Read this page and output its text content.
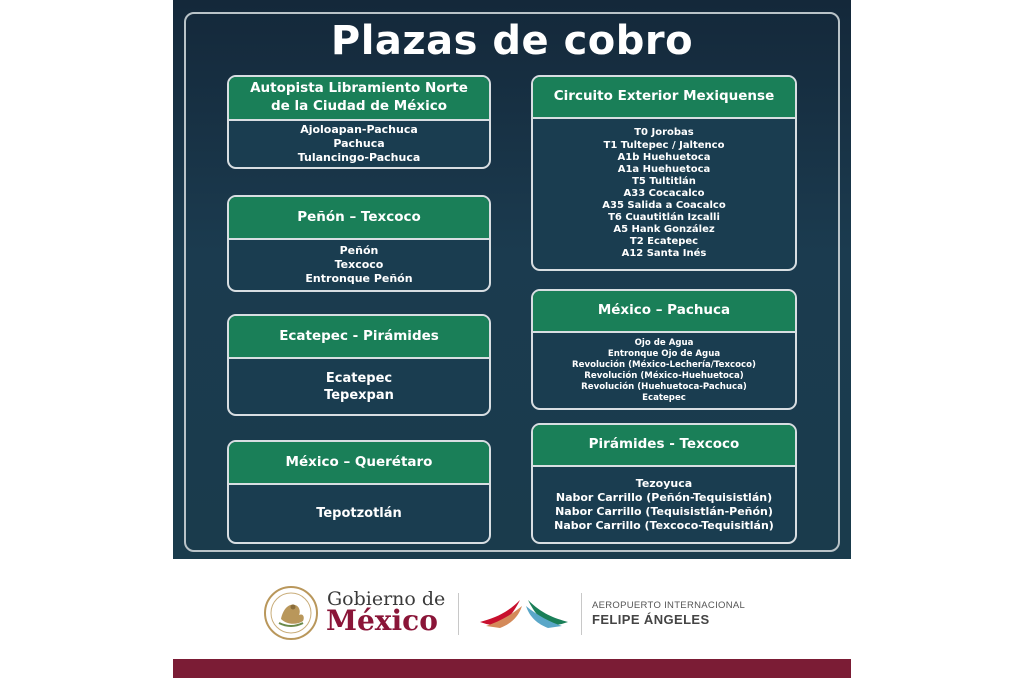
Plazas de cobro
Autopista Libramiento Norte
de la Ciudad de México
Ajoloapan-Pachuca
Pachuca
Tulancingo-Pachuca
Peñón – Texcoco
Peñón
Texcoco
Entronque Peñón
Ecatepec - Pirámides
Ecatepec
Tepexpan
México – Querétaro
Tepotzotlán
Circuito Exterior Mexiquense
T0 Jorobas
T1 Tultepec / Jaltenco
A1b Huehuetoca
A1a Huehuetoca
T5 Tultitlán
A33 Cocacalco
A35 Salida a Coacalco
T6 Cuautitlán Izcalli
A5 Hank González
T2 Ecatepec
A12 Santa Inés
México – Pachuca
Ojo de Agua
Entronque Ojo de Agua
Revolución (México-Lechería/Texcoco)
Revolución (México-Huehuetoca)
Revolución (Huehuetoca-Pachuca)
Ecatepec
Pirámides - Texcoco
Tezoyuca
Nabor Carrillo (Peñón-Tequisistlán)
Nabor Carrillo (Tequisistlán-Peñón)
Nabor Carrillo (Texcoco-Tequisitlán)
Gobierno de
México	AEROPUERTO INTERNACIONAL
FELIPE ÁNGELES
